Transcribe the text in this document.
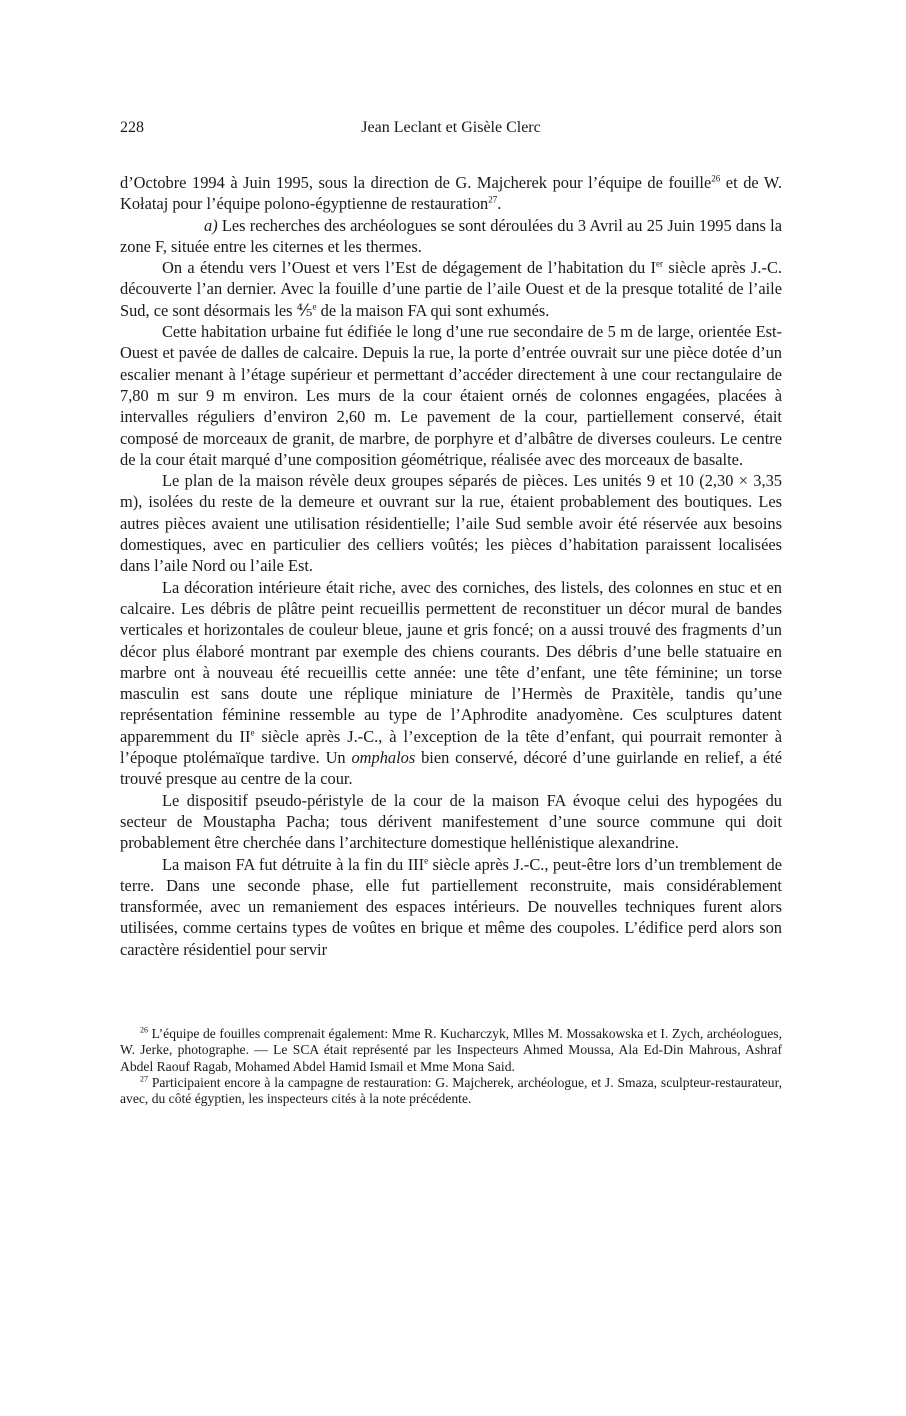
228	Jean Leclant et Gisèle Clerc

d’Octobre 1994 à Juin 1995, sous la direction de G. Majcherek pour l’équipe de fouille$^{26}$ et de W. Kołataj pour l’équipe polono-égyptienne de restauration$^{27}$.

a) Les recherches des archéologues se sont déroulées du 3 Avril au 25 Juin 1995 dans la zone F, située entre les citernes et les thermes.

On a étendu vers l’Ouest et vers l’Est de dégagement de l’habitation du Ier siècle après J.-C. découverte l’an dernier. Avec la fouille d’une partie de l’aile Ouest et de la presque totalité de l’aile Sud, ce sont désormais les ⅘$^e$ de la maison FA qui sont exhumés.

Cette habitation urbaine fut édifiée le long d’une rue secondaire de 5 m de large, orientée Est-Ouest et pavée de dalles de calcaire. Depuis la rue, la porte d’entrée ouvrait sur une pièce dotée d’un escalier menant à l’étage supérieur et permettant d’accéder directement à une cour rectangulaire de 7,80 m sur 9 m environ. Les murs de la cour étaient ornés de colonnes engagées, placées à intervalles réguliers d’environ 2,60 m. Le pavement de la cour, partiellement conservé, était composé de morceaux de granit, de marbre, de porphyre et d’albâtre de diverses couleurs. Le centre de la cour était marqué d’une composition géométrique, réalisée avec des morceaux de basalte.

Le plan de la maison révèle deux groupes séparés de pièces. Les unités 9 et 10 (2,30 × 3,35 m), isolées du reste de la demeure et ouvrant sur la rue, étaient probablement des boutiques. Les autres pièces avaient une utilisation résidentielle; l’aile Sud semble avoir été réservée aux besoins domestiques, avec en particulier des celliers voûtés; les pièces d’habitation paraissent localisées dans l’aile Nord ou l’aile Est.

La décoration intérieure était riche, avec des corniches, des listels, des colonnes en stuc et en calcaire. Les débris de plâtre peint recueillis permettent de reconstituer un décor mural de bandes verticales et horizontales de couleur bleue, jaune et gris foncé; on a aussi trouvé des fragments d’un décor plus élaboré montrant par exemple des chiens courants. Des débris d’une belle statuaire en marbre ont à nouveau été recueillis cette année: une tête d’enfant, une tête féminine; un torse masculin est sans doute une réplique miniature de l’Hermès de Praxitèle, tandis qu’une représentation féminine ressemble au type de l’Aphrodite anadyomène. Ces sculptures datent apparemment du IIe siècle après J.-C., à l’exception de la tête d’enfant, qui pourrait remonter à l’époque ptolémaïque tardive. Un omphalos bien conservé, décoré d’une guirlande en relief, a été trouvé presque au centre de la cour.

Le dispositif pseudo-péristyle de la cour de la maison FA évoque celui des hypogées du secteur de Moustapha Pacha; tous dérivent manifestement d’une source commune qui doit probablement être cherchée dans l’architecture domestique hellénistique alexandrine.

La maison FA fut détruite à la fin du IIIe siècle après J.-C., peut-être lors d’un tremblement de terre. Dans une seconde phase, elle fut partiellement reconstruite, mais considérablement transformée, avec un remaniement des espaces intérieurs. De nouvelles techniques furent alors utilisées, comme certains types de voûtes en brique et même des coupoles. L’édifice perd alors son caractère résidentiel pour servir

$^{26}$ L’équipe de fouilles comprenait également: Mme R. Kucharczyk, Mlles M. Mossakowska et I. Zych, archéologues, W. Jerke, photographe. — Le SCA était représenté par les Inspecteurs Ahmed Moussa, Ala Ed-Din Mahrous, Ashraf Abdel Raouf Ragab, Mohamed Abdel Hamid Ismail et Mme Mona Said.

$^{27}$ Participaient encore à la campagne de restauration: G. Majcherek, archéologue, et J. Smaza, sculpteur-restaurateur, avec, du côté égyptien, les inspecteurs cités à la note précédente.
